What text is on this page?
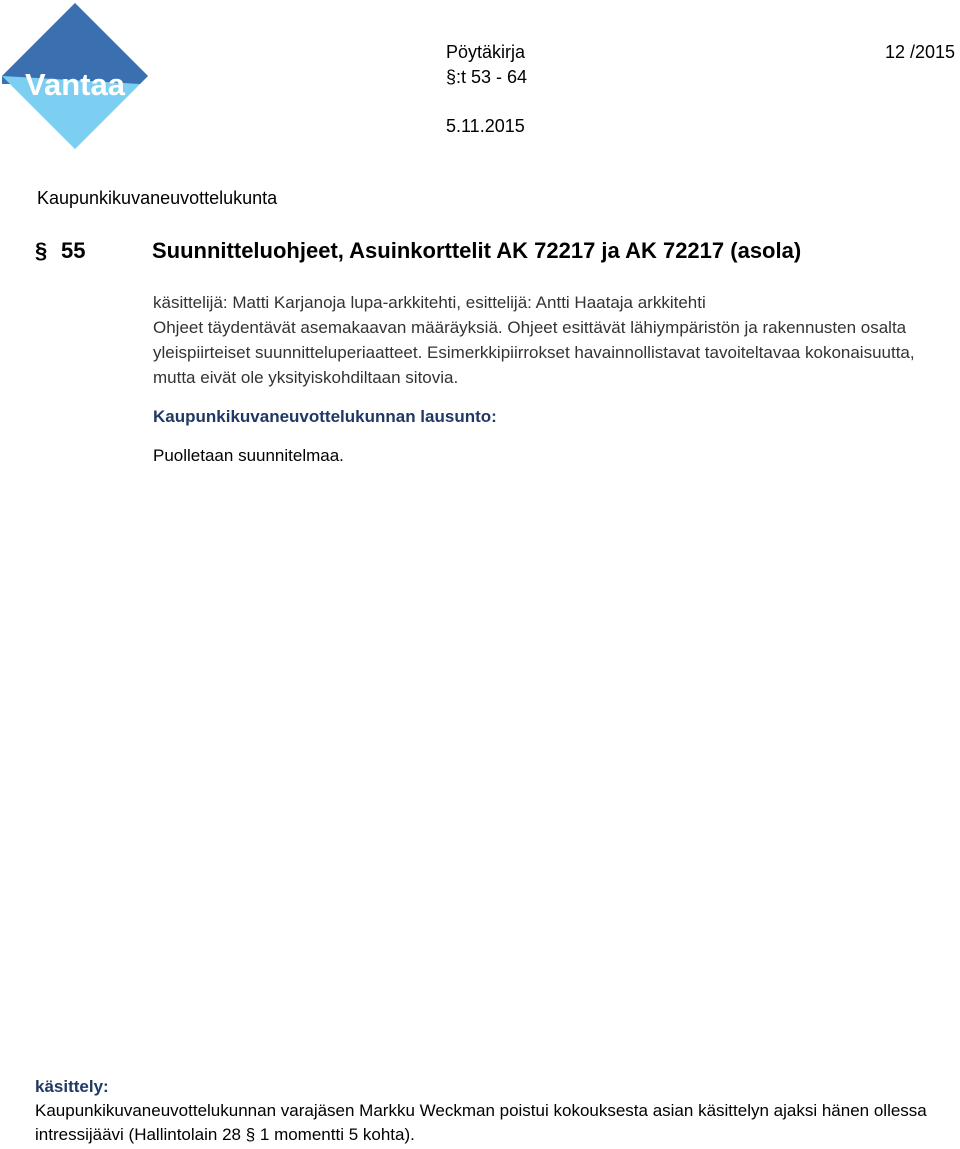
Vantaa
Pöytäkirja	12 /2015
§:t 53 - 64
5.11.2015
Kaupunkikuvaneuvottelukunta
§ 55	Suunnitteluohjeet, Asuinkorttelit AK 72217 ja AK 72217 (asola)

käsittelijä: Matti Karjanoja lupa-arkkitehti, esittelijä: Antti Haataja arkkitehti

Ohjeet täydentävät asemakaavan määräyksiä. Ohjeet esittävät lähiympäristön ja rakennusten osalta yleispiirteiset suunnitteluperiaatteet. Esimerkkipiirrokset havainnollistavat tavoiteltavaa kokonaisuutta, mutta eivät ole yksityiskohdiltaan sitovia.

Kaupunkikuvaneuvottelukunnan lausunto:

Puolletaan suunnitelmaa.

käsittely:

Kaupunkikuvaneuvottelukunnan varajäsen Markku Weckman poistui kokouksesta asian käsittelyn ajaksi hänen ollessa intressijäävi (Hallintolain 28 § 1 momentti 5 kohta).
